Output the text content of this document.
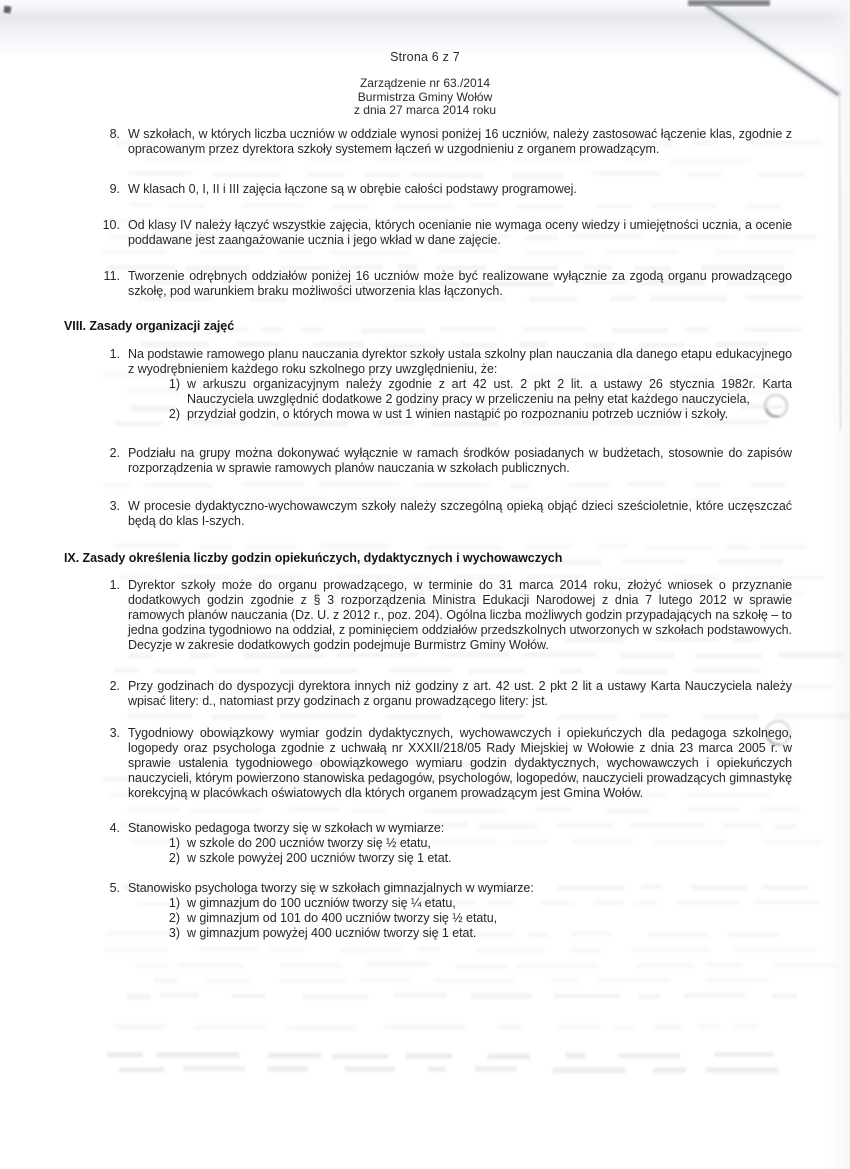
Strona 6 z 7

Zarządzenie nr 63./2014

Burmistrza Gminy Wołów

z dnia 27 marca 2014 roku

8. W szkołach, w których liczba uczniów w oddziale wynosi poniżej 16 uczniów, należy zastosować łączenie klas, zgodnie z opracowanym przez dyrektora szkoły systemem łączeń w uzgodnieniu z organem prowadzącym.

9. W klasach 0, I, II i III zajęcia łączone są w obrębie całości podstawy programowej.

10. Od klasy IV należy łączyć wszystkie zajęcia, których ocenianie nie wymaga oceny wiedzy i umiejętności ucznia, a ocenie poddawane jest zaangażowanie ucznia i jego wkład w dane zajęcie.

11. Tworzenie odrębnych oddziałów poniżej 16 uczniów może być realizowane wyłącznie za zgodą organu prowadzącego szkołę, pod warunkiem braku możliwości utworzenia klas łączonych.

VIII. Zasady organizacji zajęć
1. Na podstawie ramowego planu nauczania dyrektor szkoły ustala szkolny plan nauczania dla danego etapu edukacyjnego z wyodrębnieniem każdego roku szkolnego przy uwzględnieniu, że:

1) w arkuszu organizacyjnym należy zgodnie z art 42 ust. 2 pkt 2 lit. a ustawy 26 stycznia 1982r. Karta Nauczyciela uwzględnić dodatkowe 2 godziny pracy w przeliczeniu na pełny etat każdego nauczyciela,

2) przydział godzin, o których mowa w ust 1 winien nastąpić po rozpoznaniu potrzeb uczniów i szkoły.

2. Podziału na grupy można dokonywać wyłącznie w ramach środków posiadanych w budżetach, stosownie do zapisów rozporządzenia w sprawie ramowych planów nauczania w szkołach publicznych.

3. W procesie dydaktyczno-wychowawczym szkoły należy szczególną opieką objąć dzieci sześcioletnie, które uczęszczać będą do klas I-szych.

IX. Zasady określenia liczby godzin opiekuńczych, dydaktycznych i wychowawczych
1. Dyrektor szkoły może do organu prowadzącego, w terminie do 31 marca 2014 roku, złożyć wniosek o przyznanie dodatkowych godzin zgodnie z § 3 rozporządzenia Ministra Edukacji Narodowej z dnia 7 lutego 2012 w sprawie ramowych planów nauczania (Dz. U. z 2012 r., poz. 204). Ogólna liczba możliwych godzin przypadających na szkołę – to jedna godzina tygodniowo na oddział, z pominięciem oddziałów przedszkolnych utworzonych w szkołach podstawowych. Decyzje w zakresie dodatkowych godzin podejmuje Burmistrz Gminy Wołów.

2. Przy godzinach do dyspozycji dyrektora innych niż godziny z art. 42 ust. 2 pkt 2 lit a ustawy Karta Nauczyciela należy wpisać litery: d., natomiast przy godzinach z organu prowadzącego litery: jst.

3. Tygodniowy obowiązkowy wymiar godzin dydaktycznych, wychowawczych i opiekuńczych dla pedagoga szkolnego, logopedy oraz psychologa zgodnie z uchwałą nr XXXII/218/05 Rady Miejskiej w Wołowie z dnia 23 marca 2005 r. w sprawie ustalenia tygodniowego obowiązkowego wymiaru godzin dydaktycznych, wychowawczych i opiekuńczych nauczycieli, którym powierzono stanowiska pedagogów, psychologów, logopedów, nauczycieli prowadzących gimnastykę korekcyjną w placówkach oświatowych dla których organem prowadzącym jest Gmina Wołów.

4. Stanowisko pedagoga tworzy się w szkołach w wymiarze:

1) w szkole do 200 uczniów tworzy się ½ etatu,

2) w szkole powyżej 200 uczniów tworzy się 1 etat.

5. Stanowisko psychologa tworzy się w szkołach gimnazjalnych w wymiarze:

1) w gimnazjum do 100 uczniów tworzy się ¼ etatu,

2) w gimnazjum od 101 do 400 uczniów tworzy się ½ etatu,

3) w gimnazjum powyżej 400 uczniów tworzy się 1 etat.
